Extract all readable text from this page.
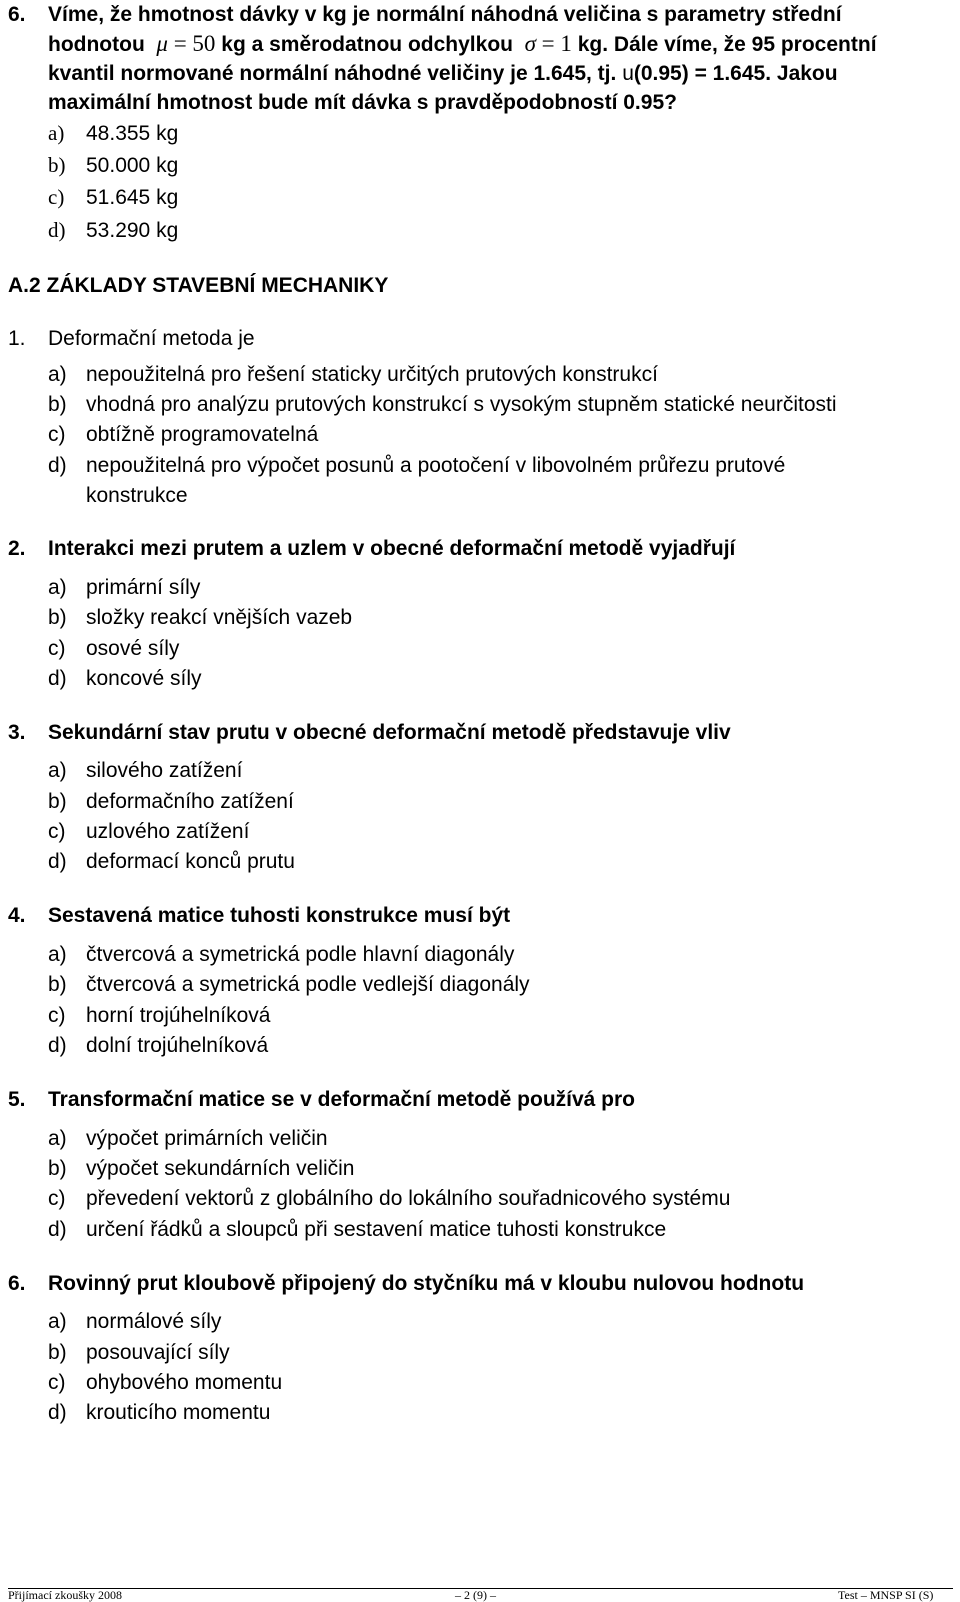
6. Víme, že hmotnost dávky v kg je normální náhodná veličina s parametry střední
hodnotou μ = 50 kg a směrodatnou odchylkou σ = 1 kg. Dále víme, že 95 procentní
kvantil normované normální náhodné veličiny je 1.645, tj. u(0.95) = 1.645. Jakou
maximální hmotnost bude mít dávka s pravděpodobností 0.95?
a) 48.355 kg
b) 50.000 kg
c) 51.645 kg
d) 53.290 kg
A.2 ZÁKLADY STAVEBNÍ MECHANIKY
1. Deformační metoda je
a) nepoužitelná pro řešení staticky určitých prutových konstrukcí
b) vhodná pro analýzu prutových konstrukcí s vysokým stupněm statické neurčitosti
c) obtížně programovatelná
d) nepoužitelná pro výpočet posunů a pootočení v libovolném průřezu prutové
konstrukce
2. Interakci mezi prutem a uzlem v obecné deformační metodě vyjadřují
a) primární síly
b) složky reakcí vnějších vazeb
c) osové síly
d) koncové síly
3. Sekundární stav prutu v obecné deformační metodě představuje vliv
a) silového zatížení
b) deformačního zatížení
c) uzlového zatížení
d) deformací konců prutu
4. Sestavená matice tuhosti konstrukce musí být
a) čtvercová a symetrická podle hlavní diagonály
b) čtvercová a symetrická podle vedlejší diagonály
c) horní trojúhelníková
d) dolní trojúhelníková
5. Transformační matice se v deformační metodě používá pro
a) výpočet primárních veličin
b) výpočet sekundárních veličin
c) převedení vektorů z globálního do lokálního souřadnicového systému
d) určení řádků a sloupců při sestavení matice tuhosti konstrukce
6. Rovinný prut kloubově připojený do styčníku má v kloubu nulovou hodnotu
a) normálové síly
b) posouvající síly
c) ohybového momentu
d) krouticího momentu
Přijímací zkoušky 2008	– 2 (9) –	Test – MNSP SI (S)
